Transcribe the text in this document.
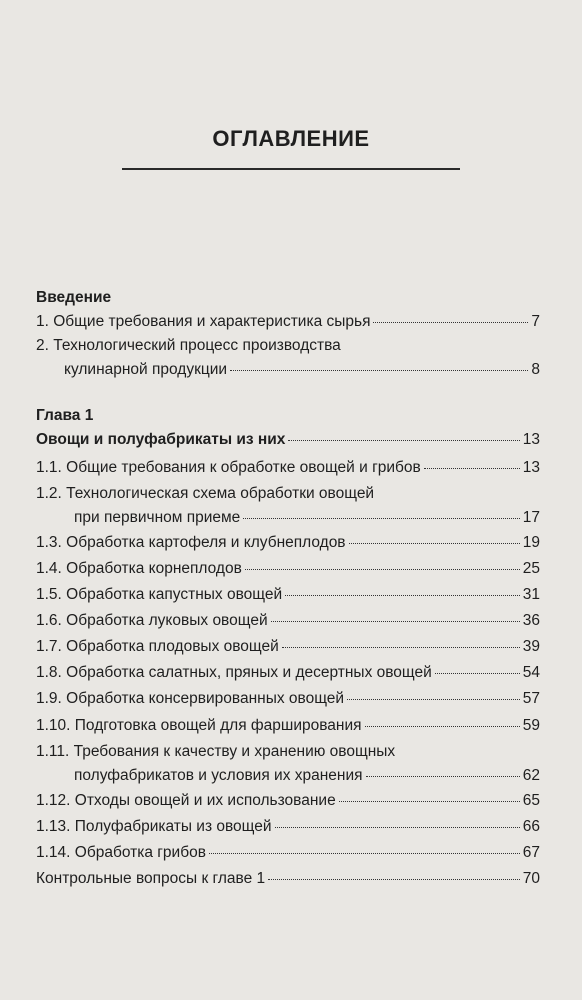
ОГЛАВЛЕНИЕ
Введение
1. Общие требования и характеристика сырья	7
2. Технологический процесс производства
кулинарной продукции	8
Глава 1
Овощи и полуфабрикаты из них	13
1.1. Общие требования к обработке овощей и грибов	13
1.2. Технологическая схема обработки овощей
при первичном приеме	17
1.3. Обработка картофеля и клубнеплодов	19
1.4. Обработка корнеплодов	25
1.5. Обработка капустных овощей	31
1.6. Обработка луковых овощей	36
1.7. Обработка плодовых овощей	39
1.8. Обработка салатных, пряных и десертных овощей	54
1.9. Обработка консервированных овощей	57
1.10. Подготовка овощей для фарширования	59
1.11. Требования к качеству и хранению овощных
полуфабрикатов и условия их хранения	62
1.12. Отходы овощей и их использование	65
1.13. Полуфабрикаты из овощей	66
1.14. Обработка грибов	67
Контрольные вопросы к главе 1	70
